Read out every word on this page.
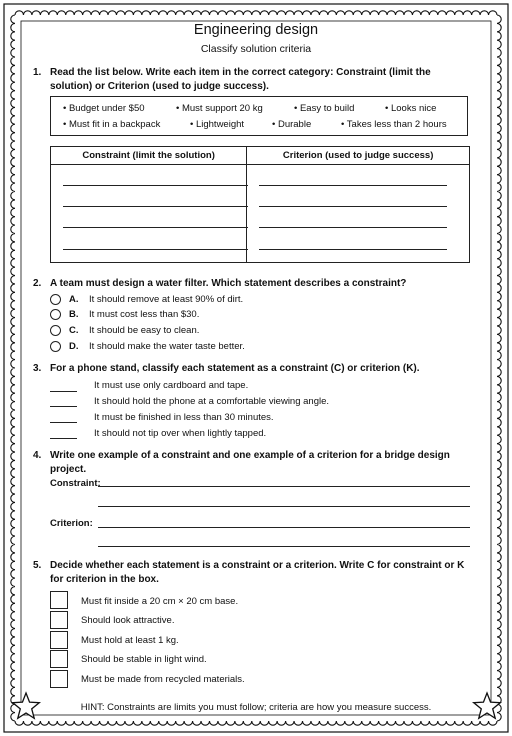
Engineering design
Classify solution criteria
1. Read the list below. Write each item in the correct category: Constraint (limit the solution) or Criterion (used to judge success).
• Budget under $50	• Must support 20 kg	• Easy to build	• Looks nice
• Must fit in a backpack	• Lightweight	• Durable	• Takes less than 2 hours
Constraint (limit the solution)	Criterion (used to judge success)

2. A team must design a water filter. Which statement describes a constraint?
A. It should remove at least 90% of dirt.
B. It must cost less than $30.
C. It should be easy to clean.
D. It should make the water taste better.
3. For a phone stand, classify each statement as a constraint (C) or criterion (K).
It must use only cardboard and tape.
It should hold the phone at a comfortable viewing angle.
It must be finished in less than 30 minutes.
It should not tip over when lightly tapped.
4. Write one example of a constraint and one example of a criterion for a bridge design project.
Constraint:
Criterion:
5. Decide whether each statement is a constraint or a criterion. Write C for constraint or K for criterion in the box.
Must fit inside a 20 cm × 20 cm base.
Should look attractive.
Must hold at least 1 kg.
Should be stable in light wind.
Must be made from recycled materials.
HINT: Constraints are limits you must follow; criteria are how you measure success.
